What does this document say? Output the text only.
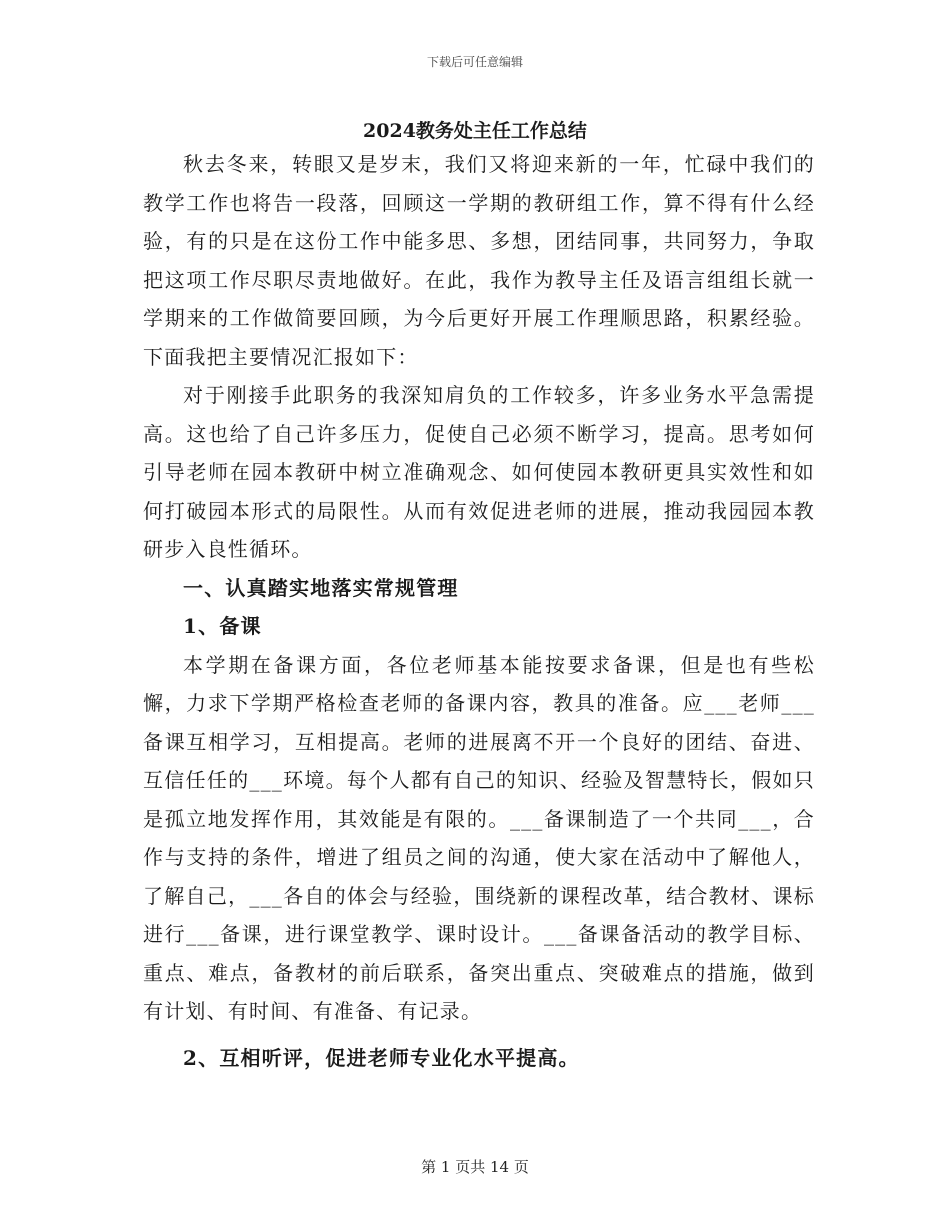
下载后可任意编辑
2024教务处主任工作总结

秋去冬来，转眼又是岁末，我们又将迎来新的一年，忙碌中我们的教学工作也将告一段落，回顾这一学期的教研组工作，算不得有什么经验，有的只是在这份工作中能多思、多想，团结同事，共同努力，争取把这项工作尽职尽责地做好。在此，我作为教导主任及语言组组长就一学期来的工作做简要回顾，为今后更好开展工作理顺思路，积累经验。下面我把主要情况汇报如下：

对于刚接手此职务的我深知肩负的工作较多，许多业务水平急需提高。这也给了自己许多压力，促使自己必须不断学习，提高。思考如何引导老师在园本教研中树立准确观念、如何使园本教研更具实效性和如何打破园本形式的局限性。从而有效促进老师的进展，推动我园园本教研步入良性循环。

一、认真踏实地落实常规管理
1、备课

本学期在备课方面，各位老师基本能按要求备课，但是也有些松懈，力求下学期严格检查老师的备课内容，教具的准备。应___老师___备课互相学习，互相提高。老师的进展离不开一个良好的团结、奋进、互信任任的___环境。每个人都有自己的知识、经验及智慧特长，假如只是孤立地发挥作用，其效能是有限的。___备课制造了一个共同___，合作与支持的条件，增进了组员之间的沟通，使大家在活动中了解他人，了解自己，___各自的体会与经验，围绕新的课程改革，结合教材、课标进行___备课，进行课堂教学、课时设计。___备课备活动的教学目标、重点、难点，备教材的前后联系，备突出重点、突破难点的措施，做到有计划、有时间、有准备、有记录。

2、互相听评，促进老师专业化水平提高。
第 1 页共 14 页
